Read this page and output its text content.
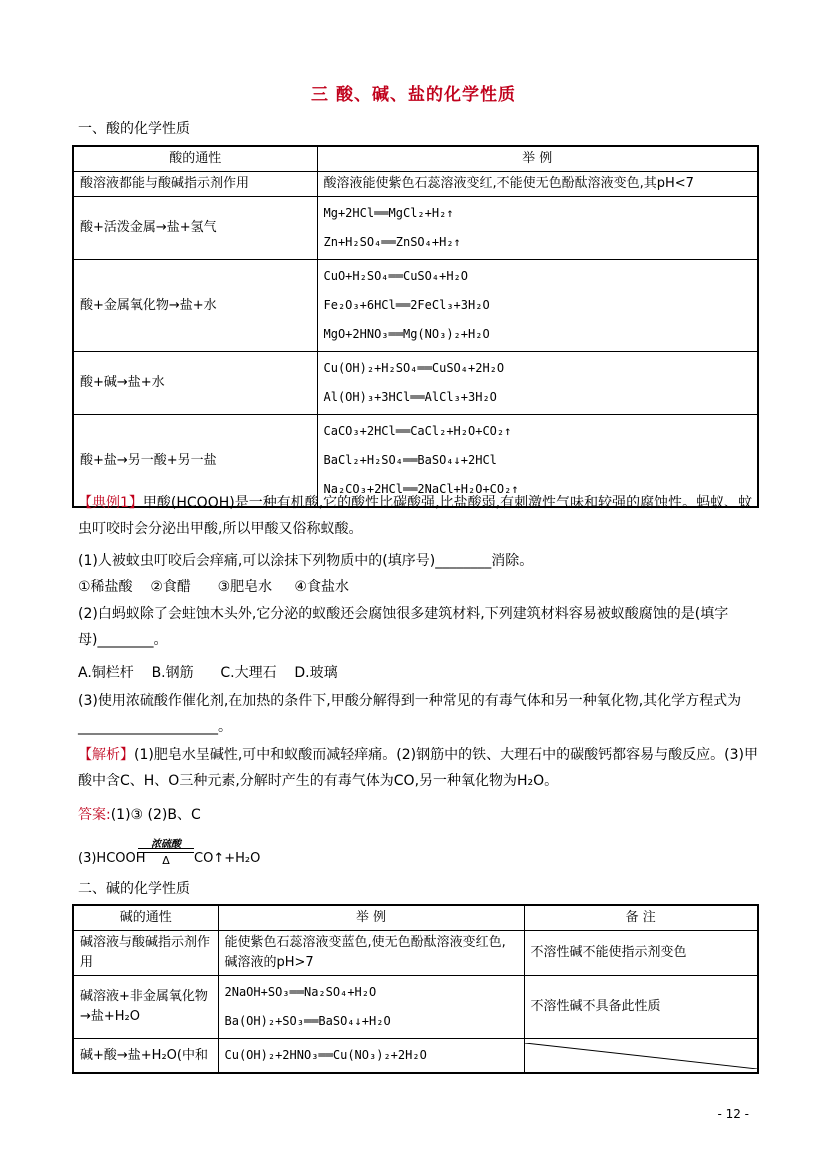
三 酸、碱、盐的化学性质
一、酸的化学性质
酸的通性	举 例
酸溶液都能与酸碱指示剂作用	酸溶液能使紫色石蕊溶液变红,不能使无色酚酞溶液变色,其pH<7

酸+活泼金属→盐+氢气	Mg+2HCl══MgCl₂+H₂↑
Zn+H₂SO₄══ZnSO₄+H₂↑

酸+金属氧化物→盐+水	CuO+H₂SO₄══CuSO₄+H₂O
Fe₂O₃+6HCl══2FeCl₃+3H₂O
MgO+2HNO₃══Mg(NO₃)₂+H₂O

酸+碱→盐+水	Cu(OH)₂+H₂SO₄══CuSO₄+2H₂O
Al(OH)₃+3HCl══AlCl₃+3H₂O

酸+盐→另一酸+另一盐	CaCO₃+2HCl══CaCl₂+H₂O+CO₂↑
BaCl₂+H₂SO₄══BaSO₄↓+2HCl
Na₂CO₃+2HCl══2NaCl+H₂O+CO₂↑
【典例1】甲酸(HCOOH)是一种有机酸,它的酸性比碳酸强,比盐酸弱,有刺激性气味和较强的腐蚀性。蚂蚁、蚊虫叮咬时会分泌出甲酸,所以甲酸又俗称蚁酸。
(1)人被蚊虫叮咬后会痒痛,可以涂抹下列物质中的(填序号)________消除。
①稀盐酸    ②食醋      ③肥皂水     ④食盐水
(2)白蚂蚁除了会蛀蚀木头外,它分泌的蚁酸还会腐蚀很多建筑材料,下列建筑材料容易被蚁酸腐蚀的是(填字母)________。
A.铜栏杆    B.钢筋      C.大理石    D.玻璃
(3)使用浓硫酸作催化剂,在加热的条件下,甲酸分解得到一种常见的有毒气体和另一种氧化物,其化学方程式为____________________。
【解析】(1)肥皂水呈碱性,可中和蚁酸而减轻痒痛。(2)钢筋中的铁、大理石中的碳酸钙都容易与酸反应。(3)甲酸中含C、H、O三种元素,分解时产生的有毒气体为CO,另一种氧化物为H₂O。
答案:(1)③ (2)B、C
(3)HCOOH
浓硫酸
Δ	CO↑+H₂O
二、碱的化学性质
碱的通性	举 例	备 注
碱溶液与酸碱指示剂作用	能使紫色石蕊溶液变蓝色,使无色酚酞溶液变红色,碱溶液的pH>7	不溶性碱不能使指示剂变色
碱溶液+非金属氧化物→盐+H₂O	2NaOH+SO₃══Na₂SO₄+H₂O
Ba(OH)₂+SO₃══BaSO₄↓+H₂O	不溶性碱不具备此性质
碱+酸→盐+H₂O(中和	Cu(OH)₂+2HNO₃══Cu(NO₃)₂+2H₂O

- 12 -
